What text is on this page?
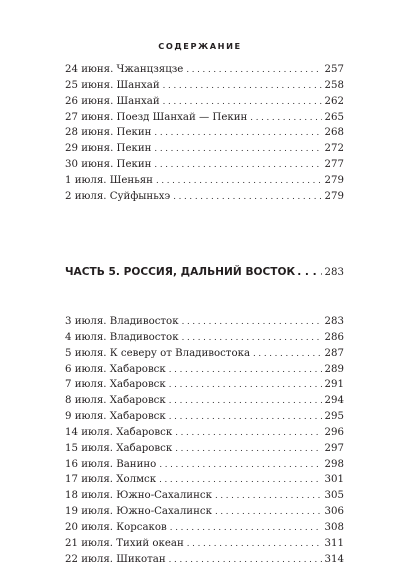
СОДЕРЖАНИЕ
24 июня. Чжанцзяцзе . . .	257
25 июня. Шанхай . . .	258
26 июня. Шанхай . . .	262
27 июня. Поезд Шанхай — Пекин . . .	265
28 июня. Пекин . . .	268
29 июня. Пекин . . .	272
30 июня. Пекин . . .	277
1 июля. Шеньян . . .	279
2 июля. Суйфыньхэ . . .	279
ЧАСТЬ 5. РОССИЯ, ДАЛЬНИЙ ВОСТОК . . .	283
3 июля. Владивосток . . .	283
4 июля. Владивосток . . .	286
5 июля. К северу от Владивостока . . .	287
6 июля. Хабаровск . . .	289
7 июля. Хабаровск . . .	291
8 июля. Хабаровск . . .	294
9 июля. Хабаровск . . .	295
14 июля. Хабаровск . . .	296
15 июля. Хабаровск . . .	297
16 июля. Ванино . . .	298
17 июля. Холмск . . .	301
18 июля. Южно-Сахалинск . . .	305
19 июля. Южно-Сахалинск . . .	306
20 июля. Корсаков . . .	308
21 июля. Тихий океан . . .	311
22 июля. Шикотан . . .	314
